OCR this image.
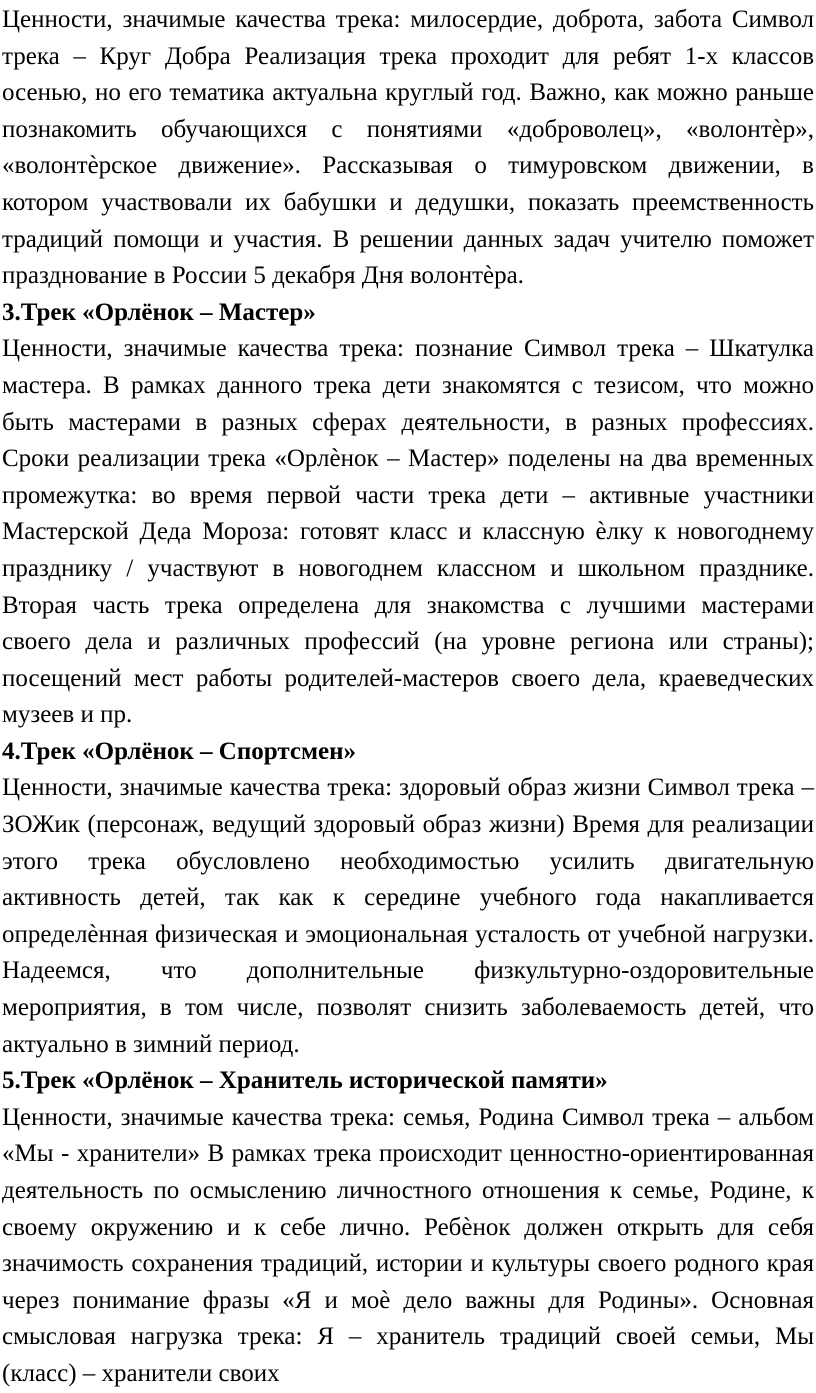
Ценности, значимые качества трека: милосердие, доброта, забота Символ трека – Круг Добра Реализация трека проходит для ребят 1-х классов осенью, но его тематика актуальна круглый год. Важно, как можно раньше познакомить обучающихся с понятиями «доброволец», «волонтѐр», «волонтѐрское движение». Рассказывая о тимуровском движении, в котором участвовали их бабушки и дедушки, показать преемственность традиций помощи и участия. В решении данных задач учителю поможет празднование в России 5 декабря Дня волонтѐра.

3.Трек «Орлёнок – Мастер»

Ценности, значимые качества трека: познание Символ трека – Шкатулка мастера. В рамках данного трека дети знакомятся с тезисом, что можно быть мастерами в разных сферах деятельности, в разных профессиях. Сроки реализации трека «Орлѐнок – Мастер» поделены на два временных промежутка: во время первой части трека дети – активные участники Мастерской Деда Мороза: готовят класс и классную ѐлку к новогоднему празднику / участвуют в новогоднем классном и школьном празднике. Вторая часть трека определена для знакомства с лучшими мастерами своего дела и различных профессий (на уровне региона или страны); посещений мест работы родителей-мастеров своего дела, краеведческих музеев и пр.

4.Трек «Орлёнок – Спортсмен»

Ценности, значимые качества трека: здоровый образ жизни Символ трека – ЗОЖик (персонаж, ведущий здоровый образ жизни) Время для реализации этого трека обусловлено необходимостью усилить двигательную активность детей, так как к середине учебного года накапливается определѐнная физическая и эмоциональная усталость от учебной нагрузки. Надеемся, что дополнительные физкультурно-оздоровительные мероприятия, в том числе, позволят снизить заболеваемость детей, что актуально в зимний период.

5.Трек «Орлёнок – Хранитель исторической памяти»

Ценности, значимые качества трека: семья, Родина Символ трека – альбом «Мы - хранители» В рамках трека происходит ценностно-ориентированная деятельность по осмыслению личностного отношения к семье, Родине, к своему окружению и к себе лично. Ребѐнок должен открыть для себя значимость сохранения традиций, истории и культуры своего родного края через понимание фразы «Я и моѐ дело важны для Родины». Основная смысловая нагрузка трека: Я – хранитель традиций своей семьи, Мы (класс) – хранители своих
